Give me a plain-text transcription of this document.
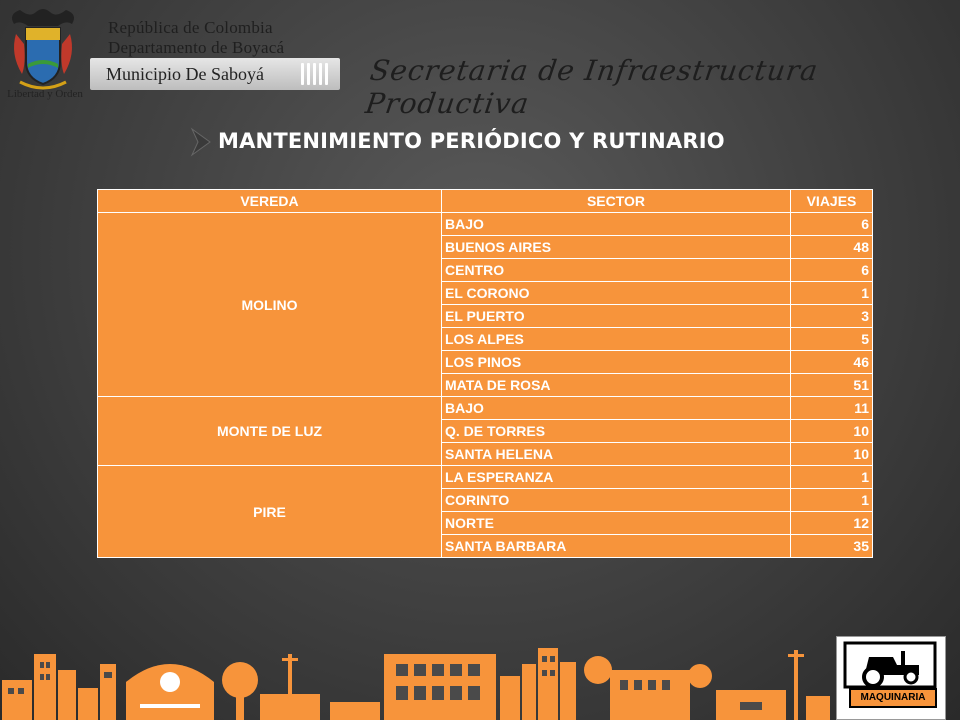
Libertad y Orden
República de Colombia
Departamento de Boyacá
Municipio De Saboyá	Secretaria de Infraestructura Productiva
MANTENIMIENTO PERIÓDICO Y RUTINARIO
VEREDA	SECTOR	VIAJES
MOLINO	BAJO	6
	BUENOS AIRES	48
	CENTRO	6
	EL CORONO	1
	EL PUERTO	3
	LOS ALPES	5
	LOS PINOS	46
	MATA DE ROSA	51
MONTE DE LUZ	BAJO	11
	Q. DE TORRES	10
	SANTA HELENA	10
PIRE	LA ESPERANZA	1
	CORINTO	1
	NORTE	12
	SANTA BARBARA	35
MAQUINARIA
